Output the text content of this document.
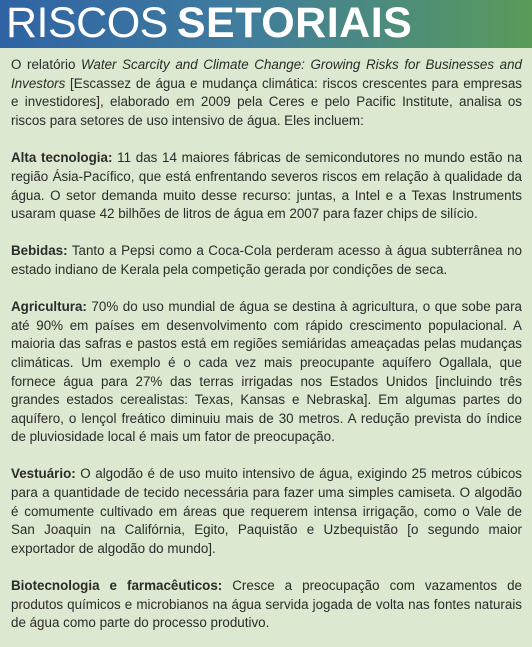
RISCOS SETORIAIS

O relatório Water Scarcity and Climate Change: Growing Risks for Businesses and Investors [Escassez de água e mudança climática: riscos crescentes para empresas e investidores], elaborado em 2009 pela Ceres e pelo Pacific Institute, analisa os riscos para setores de uso intensivo de água. Eles incluem:

Alta tecnologia: 11 das 14 maiores fábricas de semicondutores no mundo estão na região Ásia-Pacífico, que está enfrentando severos riscos em relação à qualidade da água. O setor demanda muito desse recurso: juntas, a Intel e a Texas Instruments usaram quase 42 bilhões de litros de água em 2007 para fazer chips de silício.

Bebidas: Tanto a Pepsi como a Coca-Cola perderam acesso à água subterrânea no estado indiano de Kerala pela competição gerada por condições de seca.

Agricultura: 70% do uso mundial de água se destina à agricultura, o que sobe para até 90% em países em desenvolvimento com rápido crescimento populacional. A maioria das safras e pastos está em regiões semiáridas ameaçadas pelas mudanças climáticas. Um exemplo é o cada vez mais preocupante aquífero Ogallala, que fornece água para 27% das terras irrigadas nos Estados Unidos [incluindo três grandes estados cerealistas: Texas, Kansas e Nebraska]. Em algumas partes do aquífero, o lençol freático diminuiu mais de 30 metros. A redução prevista do índice de pluviosidade local é mais um fator de preocupação.

Vestuário: O algodão é de uso muito intensivo de água, exigindo 25 metros cúbicos para a quantidade de tecido necessária para fazer uma simples camiseta. O algodão é comumente cultivado em áreas que requerem intensa irrigação, como o Vale de San Joaquin na Califórnia, Egito, Paquistão e Uzbequistão [o segundo maior exportador de algodão do mundo].

Biotecnologia e farmacêuticos: Cresce a preocupação com vazamentos de produtos químicos e microbianos na água servida jogada de volta nas fontes naturais de água como parte do processo produtivo.
